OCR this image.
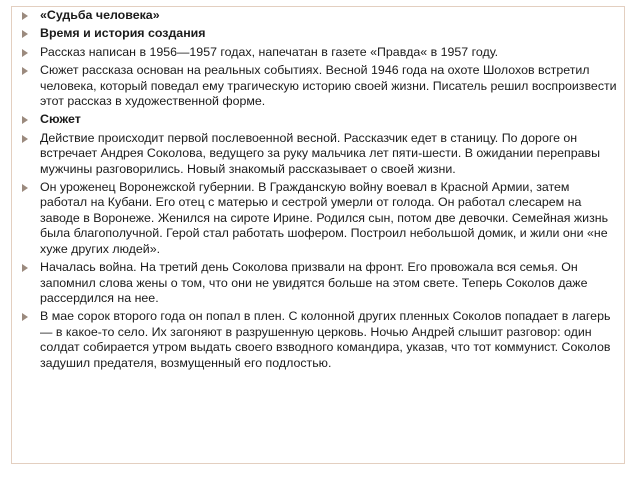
«Судьба человека»
Время и история создания
Рассказ написан в 1956—1957 годах, напечатан в газете «Правда« в 1957 году.
Сюжет рассказа основан на реальных событиях. Весной 1946 года на охоте Шолохов встретил человека, который поведал ему трагическую историю своей жизни. Писатель решил воспроизвести этот рассказ в художественной форме.
Сюжет
Действие происходит первой послевоенной весной. Рассказчик едет в станицу. По дороге он встречает Андрея Соколова, ведущего за руку мальчика лет пяти-шести. В ожидании переправы мужчины разговорились. Новый знакомый рассказывает о своей жизни.
Он уроженец Воронежской губернии. В Гражданскую войну воевал в Красной Армии, затем работал на Кубани. Его отец с матерью и сестрой умерли от голода. Он работал слесарем на заводе в Воронеже. Женился на сироте Ирине. Родился сын, потом две девочки. Семейная жизнь была благополучной. Герой стал работать шофером. Построил небольшой домик, и жили они «не хуже других людей».
Началась война. На третий день Соколова призвали на фронт. Его провожала вся семья. Он запомнил слова жены о том, что они не увидятся больше на этом свете. Теперь Соколов даже рассердился на нее.
В мае сорок второго года он попал в плен. С колонной других пленных Соколов попадает в лагерь — в какое-то село. Их загоняют в разрушенную церковь. Ночью Андрей слышит разговор: один солдат собирается утром выдать своего взводного командира, указав, что тот коммунист. Соколов задушил предателя, возмущенный его подлостью.
